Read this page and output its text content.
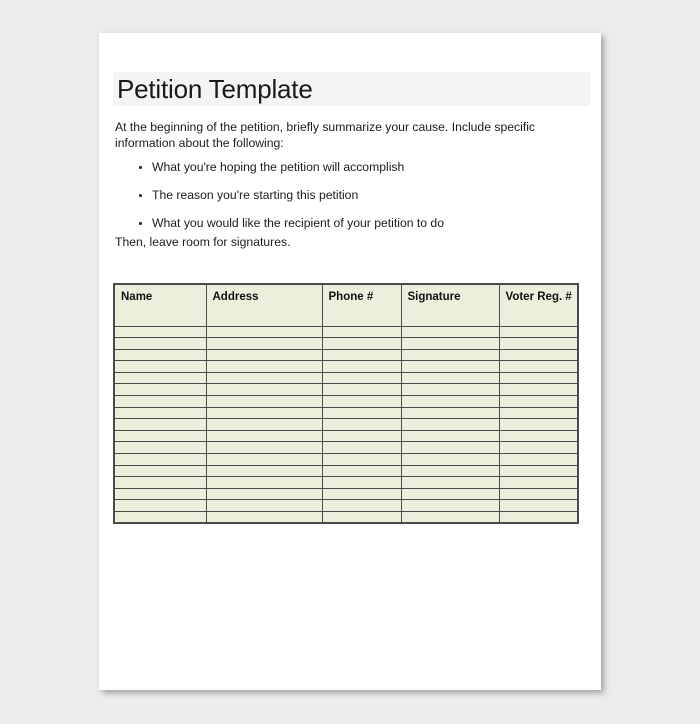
Petition Template
At the beginning of the petition, briefly summarize your cause. Include specific information about the following:
What you're hoping the petition will accomplish
The reason you're starting this petition
What you would like the recipient of your petition to do
Then, leave room for signatures.
Name	Address	Phone #	Signature	Voter Reg. #
